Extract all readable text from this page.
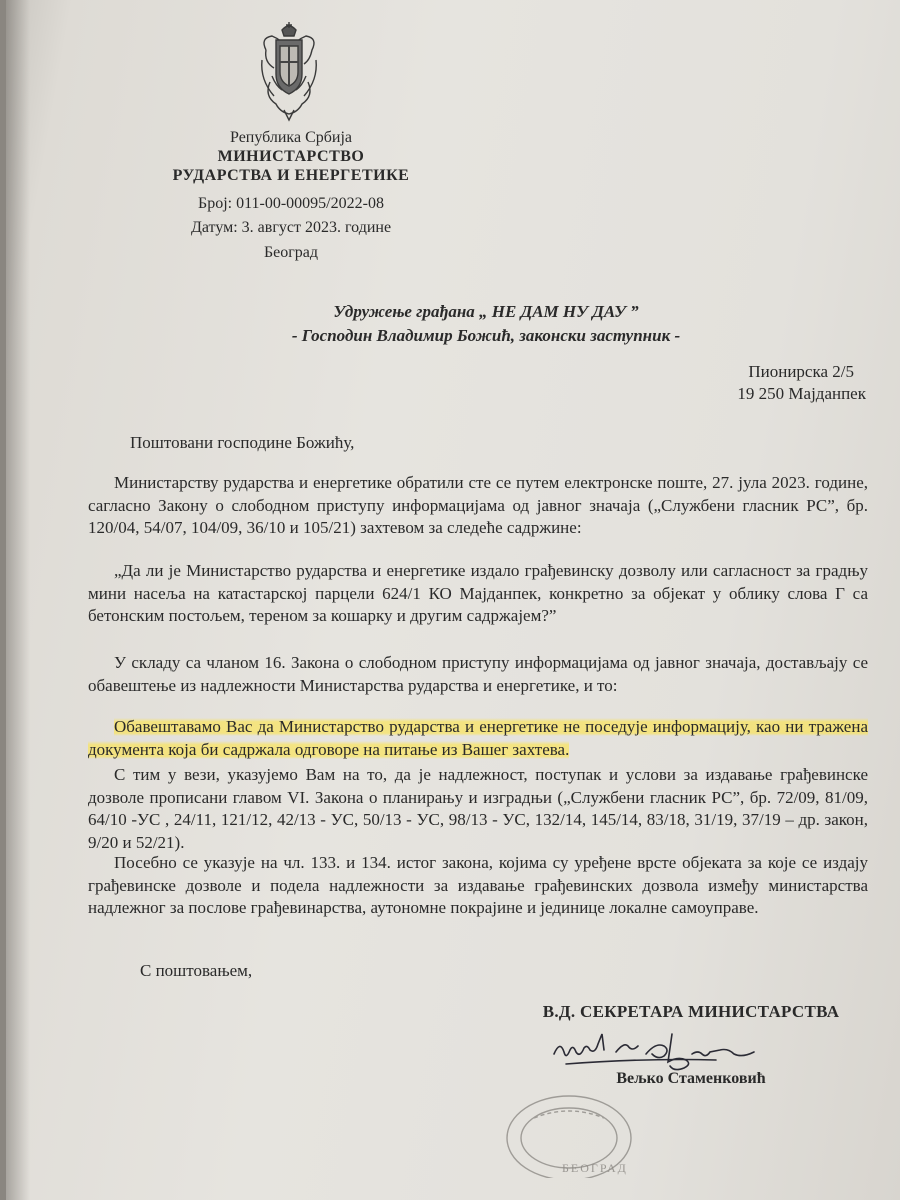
Република Србија
МИНИСТАРСТВО
РУДАРСТВА И ЕНЕРГЕТИКЕ
Број: 011-00-00095/2022-08
Датум: 3. август 2023. године
Београд
Удружење грађана „ НЕ ДАМ НУ ДАУ ”
- Господин Владимир Божић, законски заступник -
Пионирска 2/5
19 250 Мајданпек
Поштовани господине Божићу,

Министарству рударства и енергетике обратили сте се путем електронске поште, 27. јула 2023. године, сагласно Закону о слободном приступу информацијама од јавног значаја („Службени гласник РС”, бр. 120/04, 54/07, 104/09, 36/10 и 105/21) захтевом за следеће садржине:

„Да ли је Министарство рударства и енергетике издало грађевинску дозволу или сагласност за градњу мини насеља на катастарској парцели 624/1 КО Мајданпек, конкретно за објекат у облику слова Г са бетонским постољем, тереном за кошарку и другим садржајем?”

У складу са чланом 16. Закона о слободном приступу информацијама од јавног значаја, достављају се обавештење из надлежности Министарства рударства и енергетике, и то:

Обавештавамо Вас да Министарство рударства и енергетике не поседује информацију, као ни тражена документа која би садржала одговоре на питање из Вашег захтева.

С тим у вези, указујемо Вам на то, да је надлежност, поступак и услови за издавање грађевинске дозволе прописани главом VI. Закона о планирању и изградњи („Службени гласник РС”, бр. 72/09, 81/09, 64/10 -УС , 24/11, 121/12, 42/13 - УС, 50/13 - УС, 98/13 - УС, 132/14, 145/14, 83/18, 31/19, 37/19 – др. закон, 9/20 и 52/21).

Посебно се указује на чл. 133. и 134. истог закона, којима су уређене врсте објеката за које се издају грађевинске дозволе и подела надлежности за издавање грађевинских дозвола између министарства надлежног за послове грађевинарства, аутономне покрајине и јединице локалне самоуправе.

С поштовањем,
В.Д. СЕКРЕТАРА МИНИСТАРСТВА
Вељко Стаменковић
БЕОГРАД
